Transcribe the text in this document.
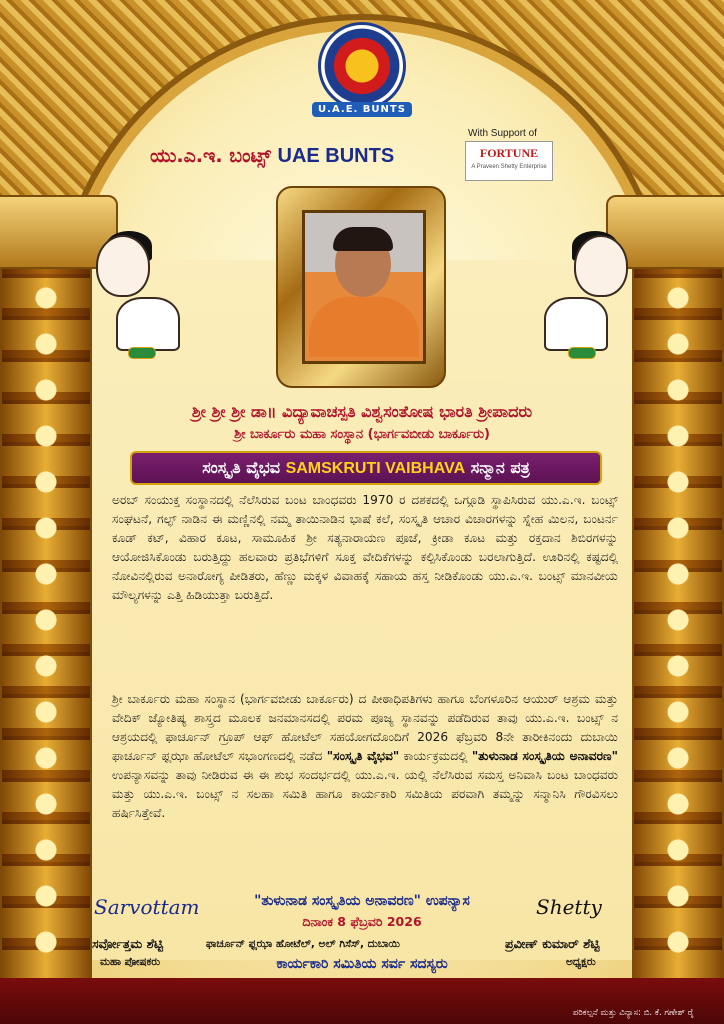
U.A.E. BUNTS
ಯು.ಎ.ಇ. ಬಂಟ್ಸ್ UAE BUNTS
With Support of
FORTUNE
A Praveen Shetty Enterprise
ಶ್ರೀ ಶ್ರೀ ಶ್ರೀ ಡಾ॥ ವಿದ್ಯಾವಾಚಸ್ಪತಿ ವಿಶ್ವಸಂತೋಷ ಭಾರತಿ ಶ್ರೀಪಾದರು
ಶ್ರೀ ಬಾರ್ಕೂರು ಮಹಾ ಸಂಸ್ಥಾನ (ಭಾರ್ಗವಬೀಡು ಬಾರ್ಕೂರು)
ಸಂಸ್ಕೃತಿ ವೈಭವ SAMSKRUTI VAIBHAVA ಸನ್ಮಾನ ಪತ್ರ
ಅರಬ್ ಸಂಯುಕ್ತ ಸಂಸ್ಥಾನದಲ್ಲಿ ನೆಲೆಸಿರುವ ಬಂಟ ಬಾಂಧವರು 1970 ರ ದಶಕದಲ್ಲಿ ಒಗ್ಗೂಡಿ ಸ್ಥಾಪಿಸಿರುವ ಯು.ಎ.ಇ. ಬಂಟ್ಸ್ ಸಂಘಟನೆ, ಗಲ್ಫ್ ನಾಡಿನ ಈ ಮಣ್ಣಿನಲ್ಲಿ ನಮ್ಮ ತಾಯಿನಾಡಿನ ಭಾಷೆ ಕಲೆ, ಸಂಸ್ಕೃತಿ ಆಚಾರ ವಿಚಾರಗಳನ್ನು ಸ್ನೇಹ ಮಿಲನ, ಬಂಟರ್ನ ಕೂಡ್ ಕಟ್, ವಿಹಾರ ಕೂಟ, ಸಾಮೂಹಿಕ ಶ್ರೀ ಸತ್ಯನಾರಾಯಣ ಪೂಜೆ, ಕ್ರೀಡಾ ಕೂಟ ಮತ್ತು ರಕ್ತದಾನ ಶಿಬಿರಗಳನ್ನು ಆಯೋಜಿಸಿಕೊಂಡು ಬರುತ್ತಿದ್ದು ಹಲವಾರು ಪ್ರತಿಭೆಗಳಿಗೆ ಸೂಕ್ತ ವೇದಿಕೆಗಳನ್ನು ಕಲ್ಪಿಸಿಕೊಂಡು ಬರಲಾಗುತ್ತಿದೆ. ಊರಿನಲ್ಲಿ ಕಷ್ಟದಲ್ಲಿ ನೋವಿನಲ್ಲಿರುವ ಅನಾರೋಗ್ಯ ಪೀಡಿತರು, ಹೆಣ್ಣು ಮಕ್ಕಳ ವಿವಾಹಕ್ಕೆ ಸಹಾಯ ಹಸ್ತ ನೀಡಿಕೊಂಡು ಯು.ಎ.ಇ. ಬಂಟ್ಸ್ ಮಾನವೀಯ ಮೌಲ್ಯಗಳನ್ನು ಎತ್ತಿ ಹಿಡಿಯುತ್ತಾ ಬರುತ್ತಿದೆ.
ಶ್ರೀ ಬಾರ್ಕೂರು ಮಹಾ ಸಂಸ್ಥಾನ (ಭಾರ್ಗವಬೀಡು ಬಾರ್ಕೂರು) ದ ಪೀಠಾಧಿಪತಿಗಳು ಹಾಗೂ ಬೆಂಗಳೂರಿನ ಆಯುರ್ ಆಶ್ರಮ ಮತ್ತು ವೇದಿಕ್ ಜ್ಯೋತಿಷ್ಯ ಶಾಸ್ತ್ರದ ಮೂಲಕ ಜನಮಾನಸದಲ್ಲಿ ಪರಮ ಪೂಜ್ಯ ಸ್ಥಾನವನ್ನು ಪಡೆದಿರುವ ತಾವು ಯು.ಎ.ಇ. ಬಂಟ್ಸ್ ನ ಆಶ್ರಯದಲ್ಲಿ ಫಾರ್ಚೂನ್ ಗ್ರೂಪ್ ಆಫ್ ಹೋಟೆಲ್ ಸಹಯೋಗದೊಂದಿಗೆ 2026 ಫೆಬ್ರವರಿ 8ನೇ ತಾರೀಕಿನಂದು ದುಬಾಯಿ ಫಾರ್ಚೂನ್ ಫ್ಲಝಾ ಹೋಟೆಲ್ ಸಭಾಂಗಣದಲ್ಲಿ ನಡೆದ "ಸಂಸ್ಕೃತಿ ವೈಭವ" ಕಾರ್ಯಕ್ರಮದಲ್ಲಿ "ತುಳುನಾಡ ಸಂಸ್ಕೃತಿಯ ಅನಾವರಣ" ಉಪನ್ಯಾಸವನ್ನು ತಾವು ನೀಡಿರುವ ಈ ಈ ಶುಭ ಸಂದರ್ಭದಲ್ಲಿ ಯು.ಎ.ಇ. ಯಲ್ಲಿ ನೆಲೆಸಿರುವ ಸಮಸ್ತ ಅನಿವಾಸಿ ಬಂಟ ಬಾಂಧವರು ಮತ್ತು ಯು.ಎ.ಇ. ಬಂಟ್ಸ್ ನ ಸಲಹಾ ಸಮಿತಿ ಹಾಗೂ ಕಾರ್ಯಕಾರಿ ಸಮಿತಿಯ ಪರವಾಗಿ ತಮ್ಮನ್ನು ಸನ್ಮಾನಿಸಿ ಗೌರವಿಸಲು ಹರ್ಷಿಸಿತ್ತೇವೆ.
"ತುಳುನಾಡ ಸಂಸ್ಕೃತಿಯ ಅನಾವರಣ" ಉಪನ್ಯಾಸ
ದಿನಾಂಕ 8 ಫೆಬ್ರವರಿ 2026
Sarvottam	Shetty
ಸರ್ವೋತ್ತಮ ಶೆಟ್ಟಿ
ಮಹಾ ಪೋಷಕರು
ಫಾರ್ಚೂನ್ ಫ್ಲಝಾ ಹೋಟೆಲ್, ಅಲ್ ಗಿಸೆಸ್, ದುಬಾಯಿ	ಪ್ರವೀಣ್ ಕುಮಾರ್ ಶೆಟ್ಟಿ
ಅಧ್ಯಕ್ಷರು
ಕಾರ್ಯಕಾರಿ ಸಮಿತಿಯ ಸರ್ವ ಸದಸ್ಯರು
ಪರಿಕಲ್ಪನೆ ಮತ್ತು ವಿನ್ಯಾಸ: ಬಿ. ಕೆ. ಗಣೇಶ್ ರೈ
